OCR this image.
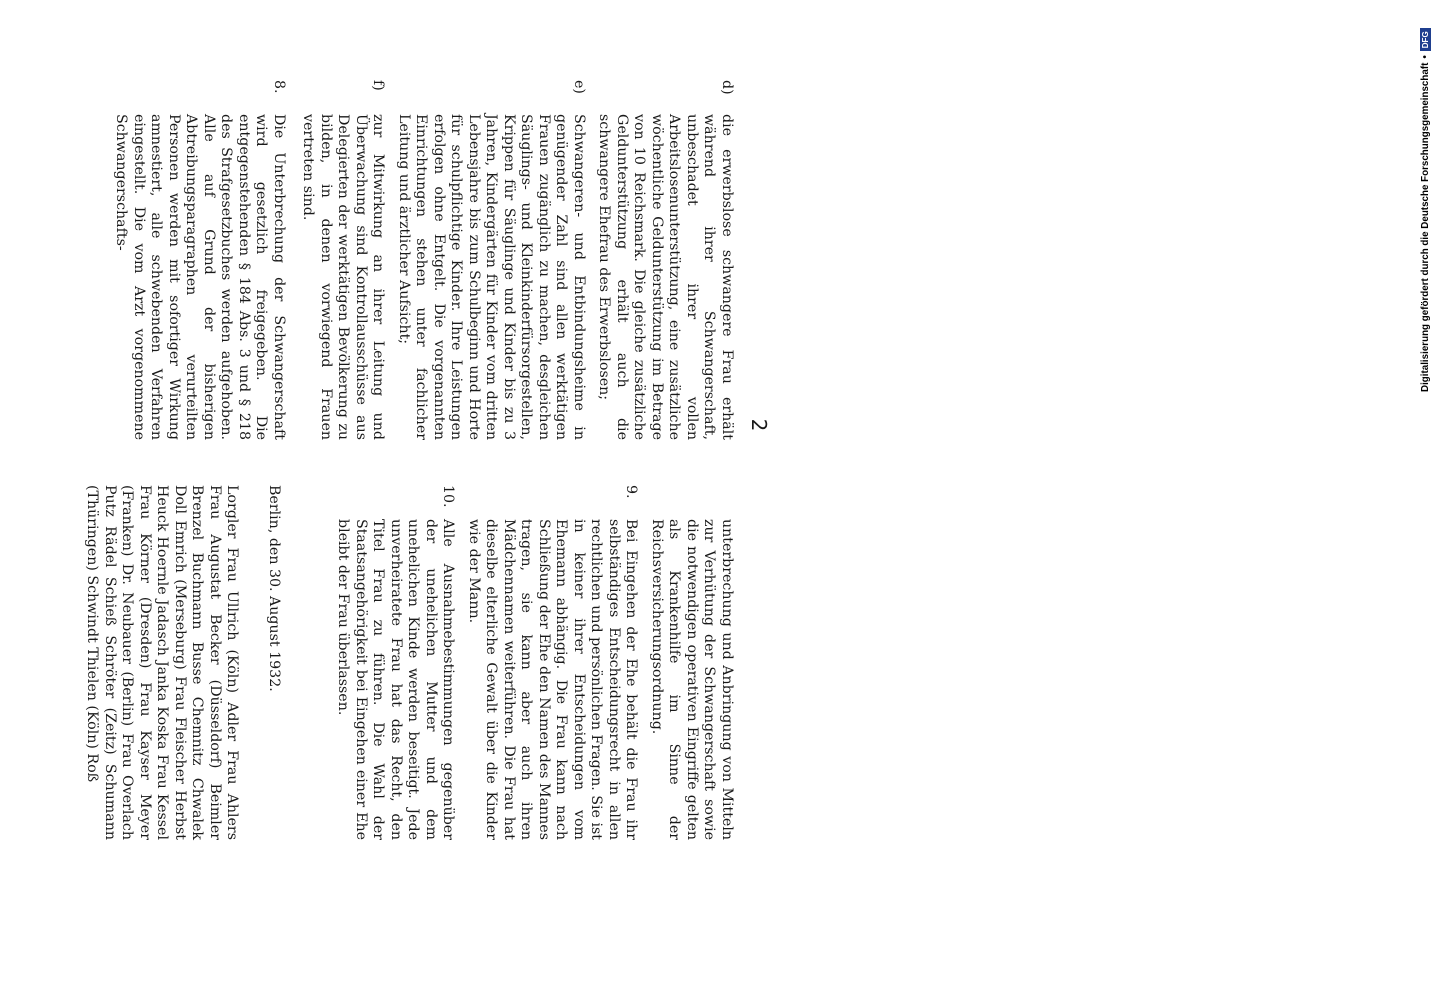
2
d)
die erwerbslose schwangere Frau erhält während ihrer Schwangerschaft, unbeschadet ihrer vollen Arbeitslosenunterstützung, eine zusätzliche wöchentliche Geldunterstützung im Betrage von 10 Reichsmark. Die gleiche zusätzliche Geldunterstützung erhält auch die schwangere Ehefrau des Erwerbslosen;
e)
Schwangeren- und Entbindungsheime in genügender Zahl sind allen werktätigen Frauen zugänglich zu machen, desgleichen Säuglings- und Kleinkinderfürsorgestellen, Krippen für Säuglinge und Kinder bis zu 3 Jahren, Kindergärten für Kinder vom dritten Lebensjahre bis zum Schulbeginn und Horte für schulpflichtige Kinder. Ihre Leistungen erfolgen ohne Entgelt. Die vorgenannten Einrichtungen stehen unter fachlicher Leitung und ärztlicher Aufsicht;
f)
zur Mitwirkung an ihrer Leitung und Überwachung sind Kontrollausschüsse aus Delegierten der werktätigen Bevölkerung zu bilden, in denen vorwiegend Frauen vertreten sind.
8.
Die Unterbrechung der Schwangerschaft wird gesetzlich freigegeben. Die entgegenstehenden § 184 Abs. 3 und § 218 des Strafgesetzbuches werden aufgehoben. Alle auf Grund der bisherigen Abtreibungsparagraphen verurteilten Personen werden mit sofortiger Wirkung amnestiert, alle schwebenden Verfahren eingestellt. Die vom Arzt vorgenommene Schwangerschafts-
unterbrechung und Anbringung von Mitteln zur Verhütung der Schwangerschaft sowie die notwendigen operativen Eingriffe gelten als Krankenhilfe im Sinne der Reichsversicherungsordnung.
9.
Bei Eingehen der Ehe behält die Frau ihr selbständiges Entscheidungsrecht in allen rechtlichen und persönlichen Fragen. Sie ist in keiner ihrer Entscheidungen vom Ehemann abhängig. Die Frau kann nach Schließung der Ehe den Namen des Mannes tragen, sie kann aber auch ihren Mädchennamen weiterführen. Die Frau hat dieselbe elterliche Gewalt über die Kinder wie der Mann.
10.
Alle Ausnahmebestimmungen gegenüber der unehelichen Mutter und dem unehelichen Kinde werden beseitigt. Jede unverheiratete Frau hat das Recht, den Titel Frau zu führen. Die Wahl der Staatsangehörigkeit bei Eingehen einer Ehe bleibt der Frau überlassen.
Berlin, den 30. August 1932.
Lorgler Frau Ullrich (Köln) Adler Frau Ahlers Frau Augustat Becker (Düsseldorf) Beimler Brenzel Buchmann Busse Chemnitz Chwalek Doll Emrich (Merseburg) Frau Fleischer Herbst Heuck Hoernle Jadasch Janka Koska Frau Kessel Frau Körner (Dresden) Frau Kayser Meyer (Franken) Dr. Neubauer (Berlin) Frau Overlach Putz Rädel Schieß Schröter (Zeitz) Schumann (Thüringen) Schwindt Thielen (Köln) Roß
Digitalisierung gefördert durch die Deutsche Forschungsgemeinschaft
•
DFG
